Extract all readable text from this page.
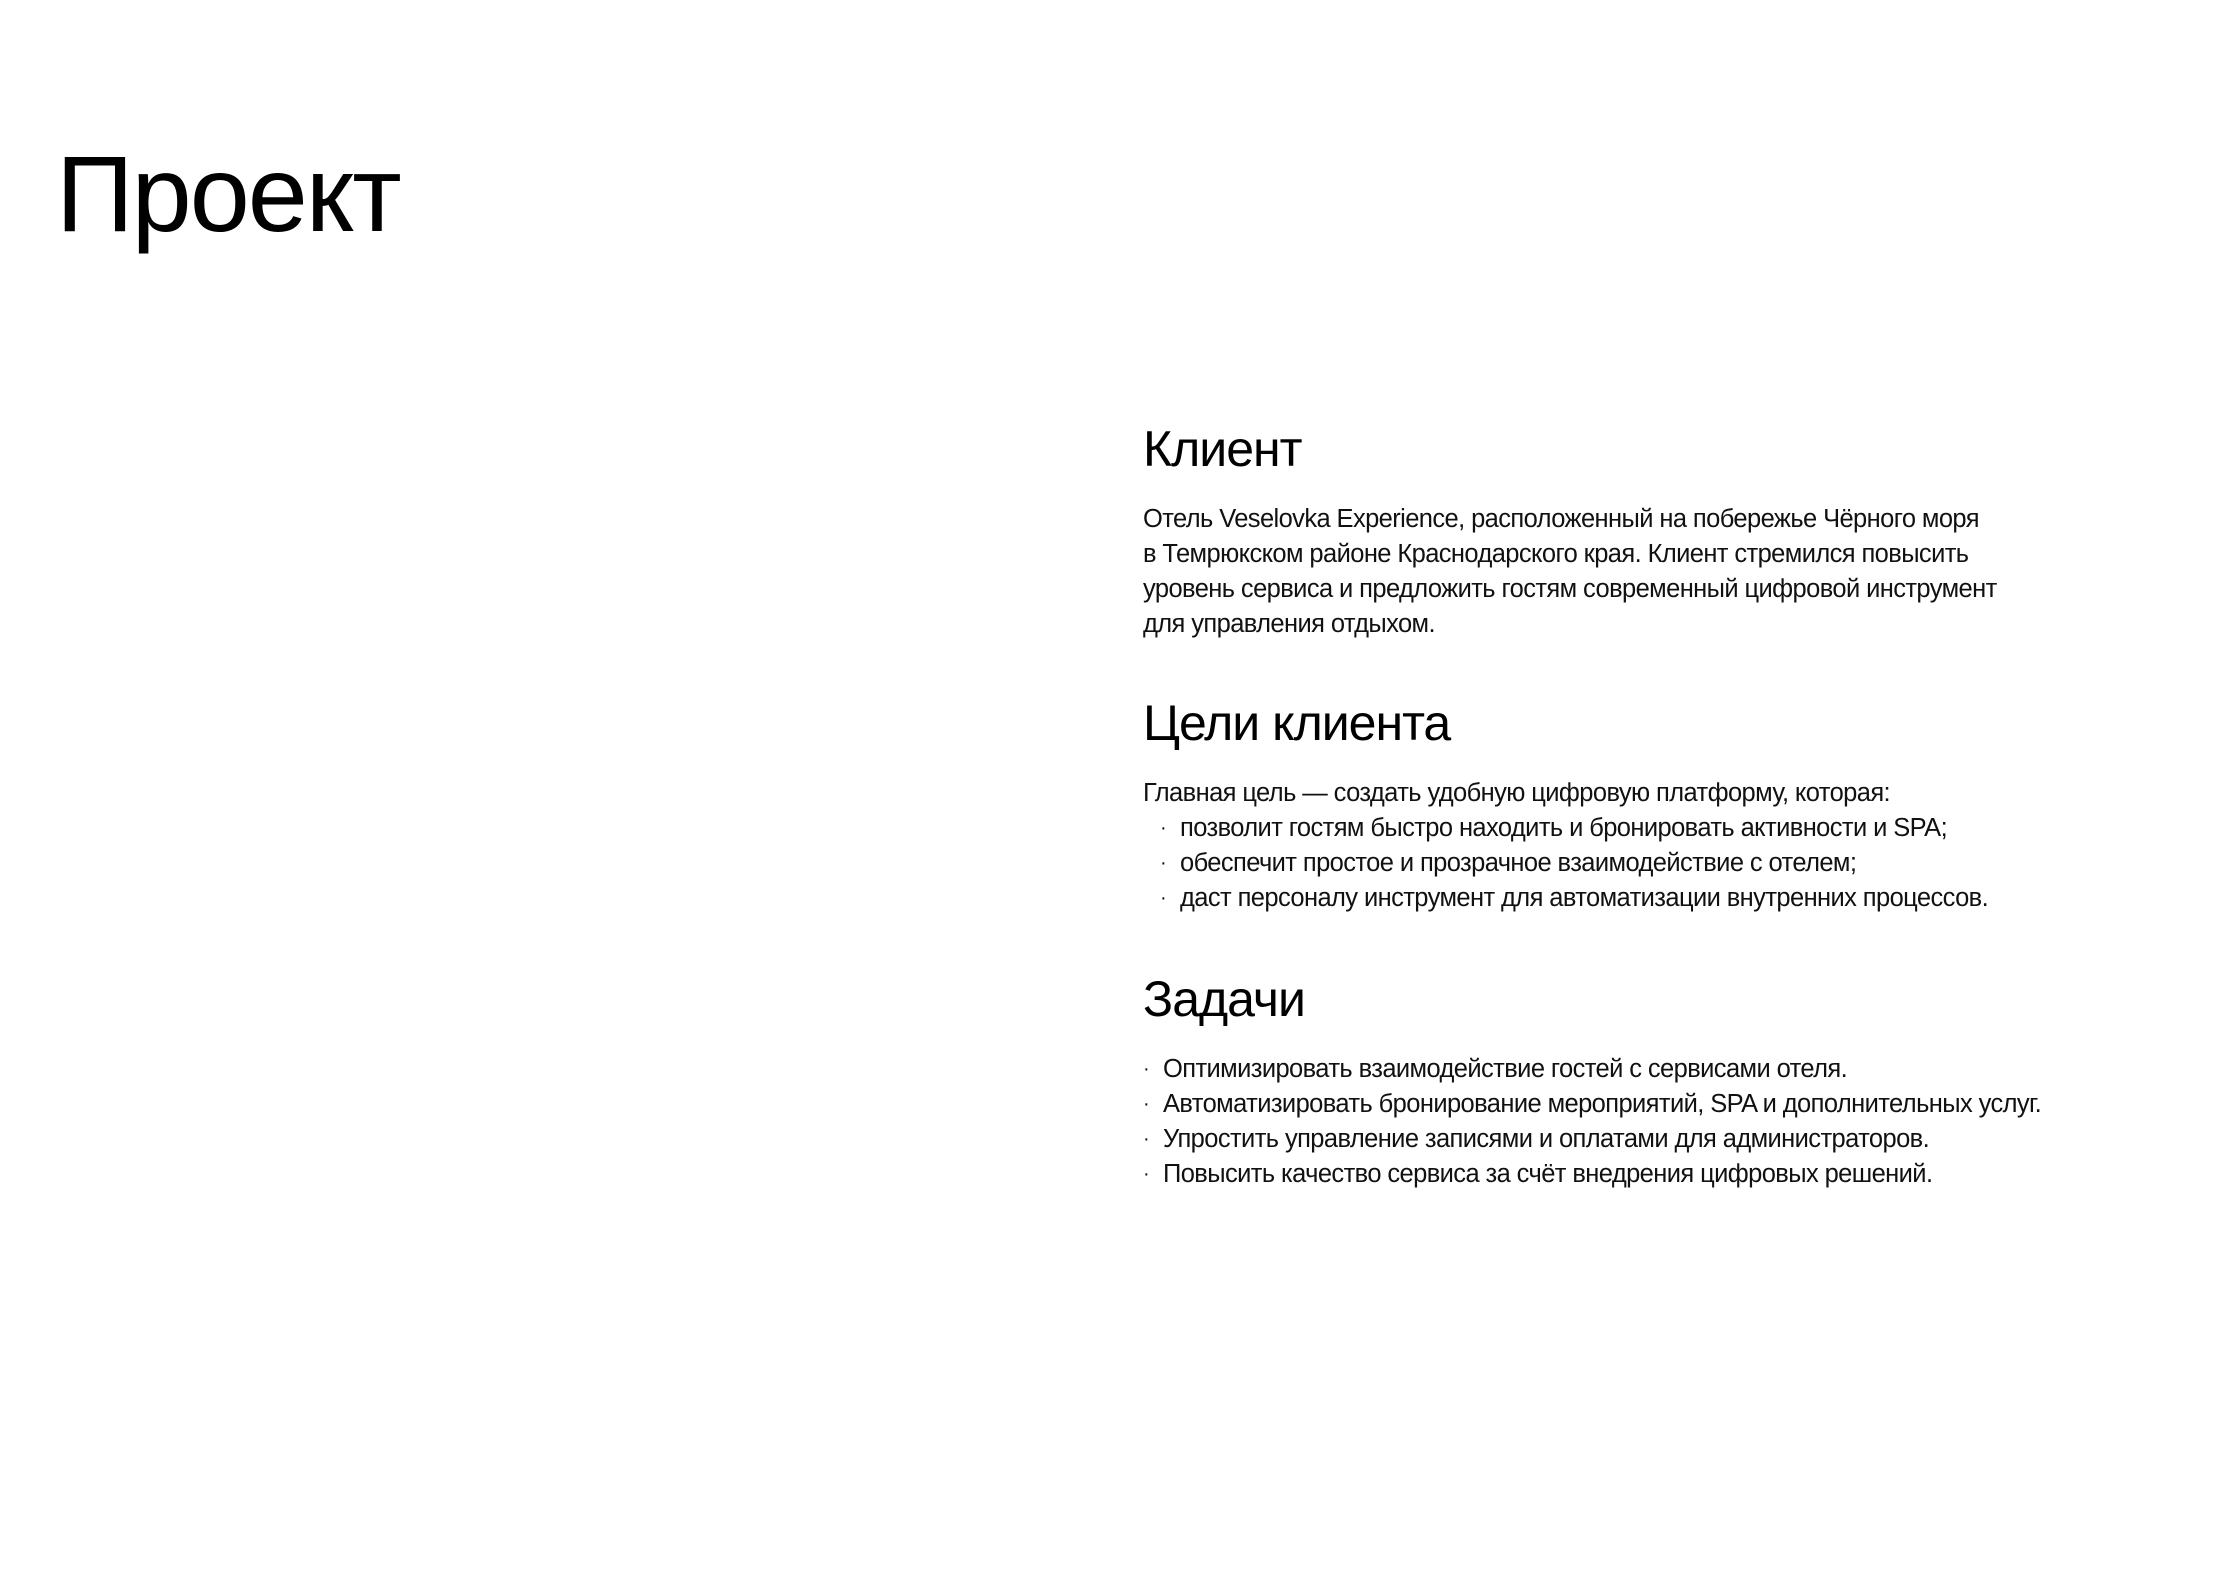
Проект
Клиент

Отель Veselovka Experience, расположенный на побережье Чёрного моря

в Темрюкском районе Краснодарского края. Клиент стремился повысить

уровень сервиса и предложить гостям современный цифровой инструмент

для управления отдыхом.

Цели клиента

Главная цель — создать удобную цифровую платформу, которая:

· позволит гостям быстро находить и бронировать активности и SPA;
· обеспечит простое и прозрачное взаимодействие с отелем;
· даст персоналу инструмент для автоматизации внутренних процессов.
Задачи
· Оптимизировать взаимодействие гостей с сервисами отеля.
· Автоматизировать бронирование мероприятий, SPA и дополнительных услуг.
· Упростить управление записями и оплатами для администраторов.
· Повысить качество сервиса за счёт внедрения цифровых решений.
